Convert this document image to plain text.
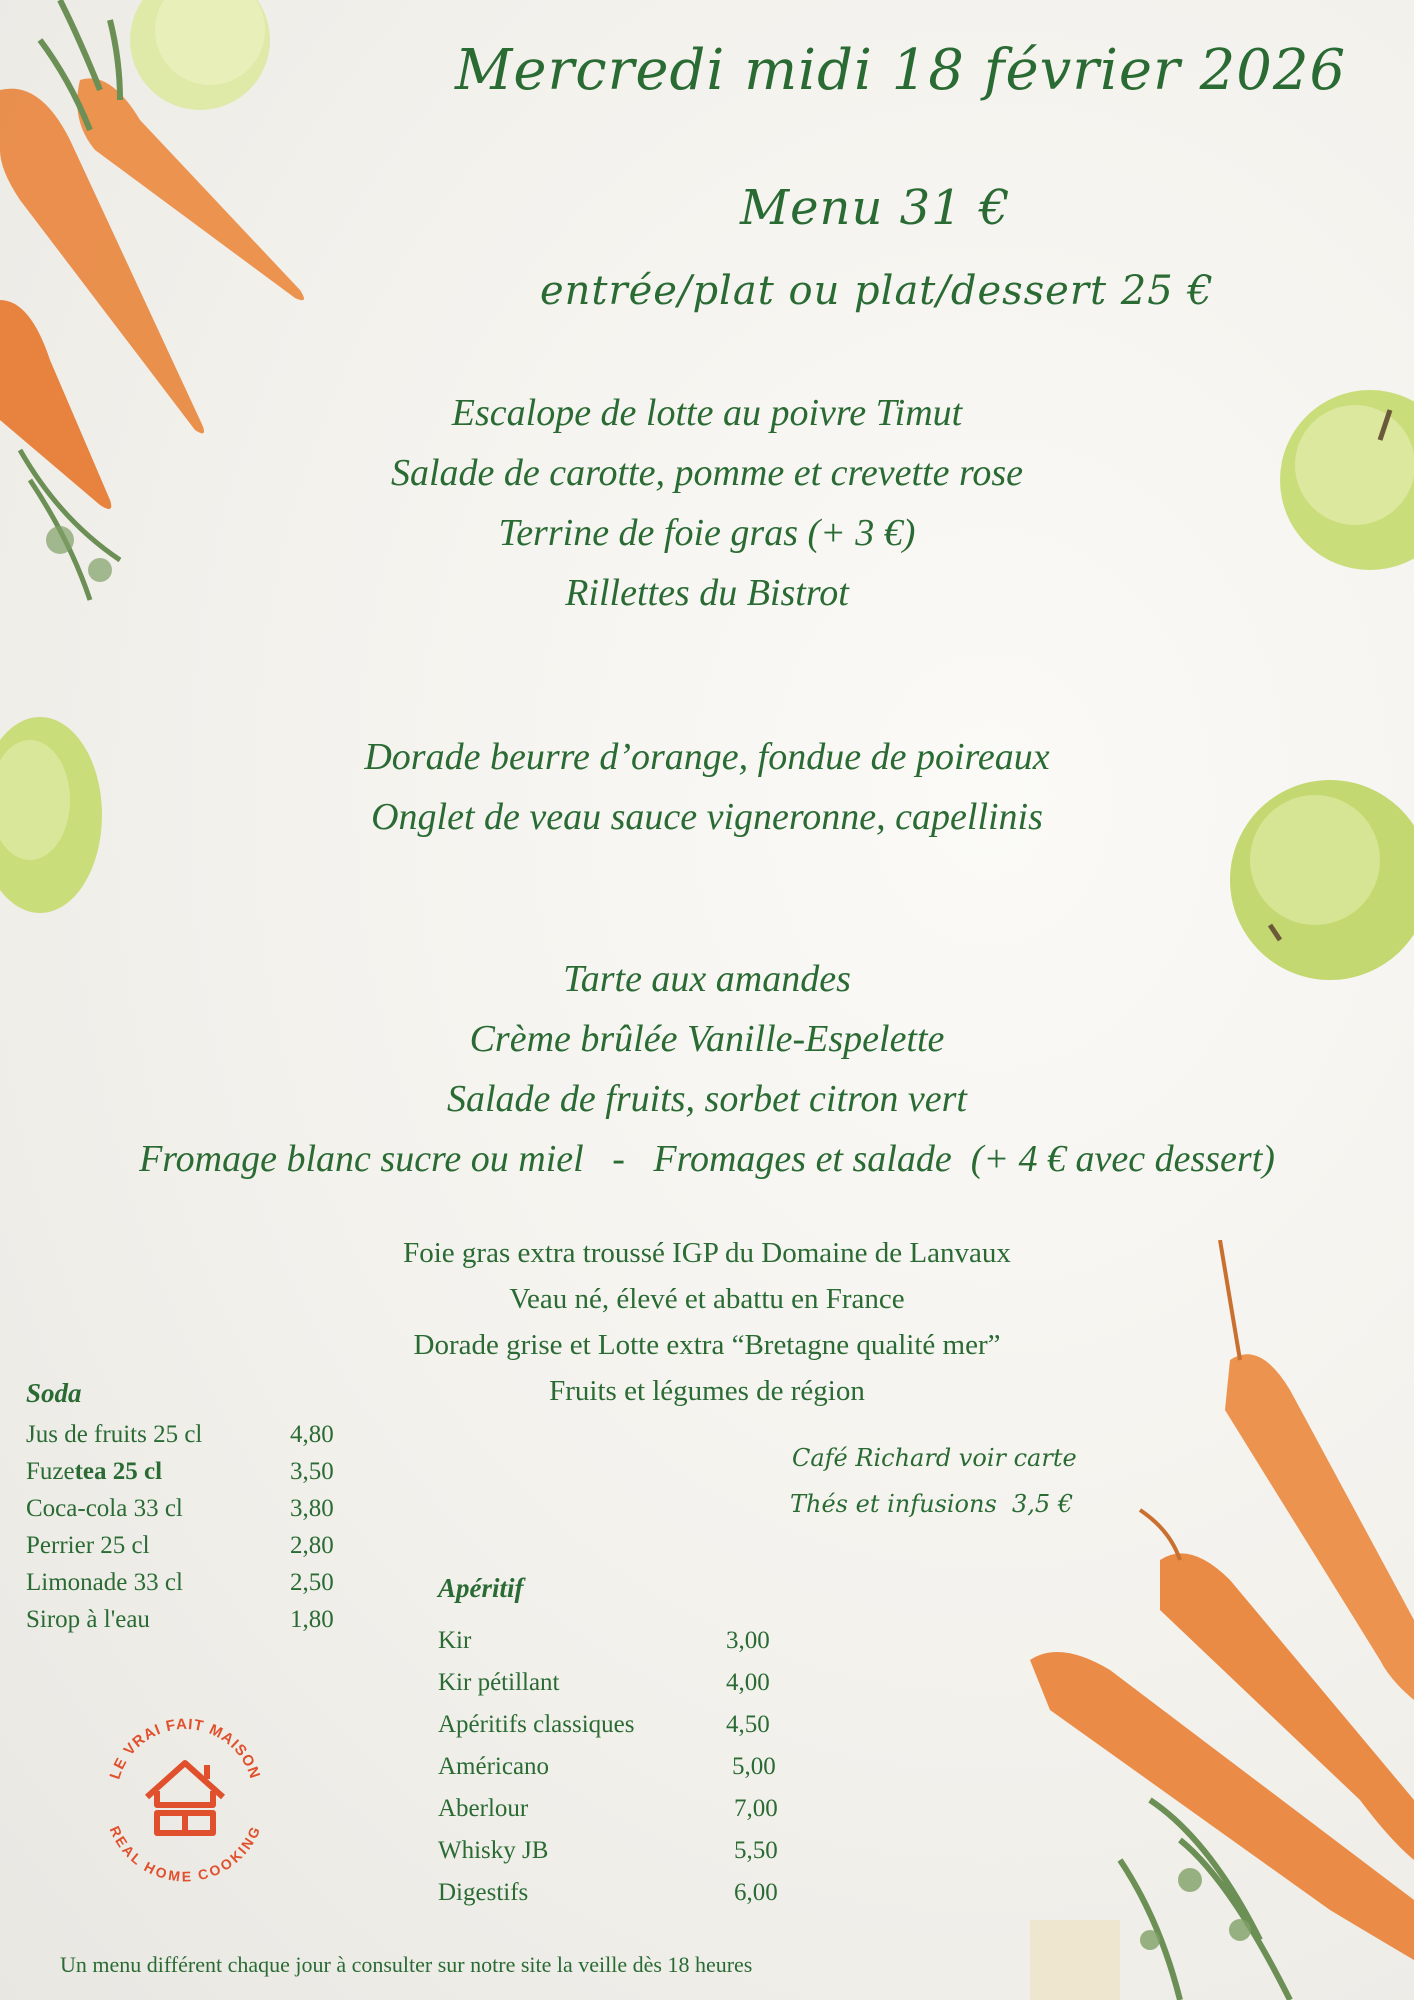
Mercredi midi 18 février 2026
Menu 31 €
entrée/plat ou plat/dessert 25 €
Escalope de lotte au poivre Timut
Salade de carotte, pomme et crevette rose
Terrine de foie gras (+ 3 €)
Rillettes du Bistrot
Dorade beurre d’orange, fondue de poireaux
Onglet de veau sauce vigneronne, capellinis
Tarte aux amandes
Crème brûlée Vanille-Espelette
Salade de fruits, sorbet citron vert
Fromage blanc sucre ou miel   -   Fromages et salade  (+ 4 € avec dessert)
Foie gras extra troussé IGP du Domaine de Lanvaux
Veau né, élevé et abattu en France
Dorade grise et Lotte extra “Bretagne qualité mer”
Fruits et légumes de région
Café Richard voir carte
Thés et infusions  3,5 €
Soda
Jus de fruits 25 cl	4,80
Fuzetea 25 cl	3,50
Coca-cola 33 cl	3,80
Perrier 25 cl	2,80
Limonade 33 cl	2,50
Sirop à l'eau	1,80
Apéritif
Kir	3,00
Kir pétillant	4,00
Apéritifs classiques	4,50
Américano	5,00
Aberlour	7,00
Whisky JB	5,50
Digestifs	6,00
LE VRAI FAIT MAISON
REAL HOME COOKING
Un menu différent chaque jour à consulter sur notre site la veille dès 18 heures
